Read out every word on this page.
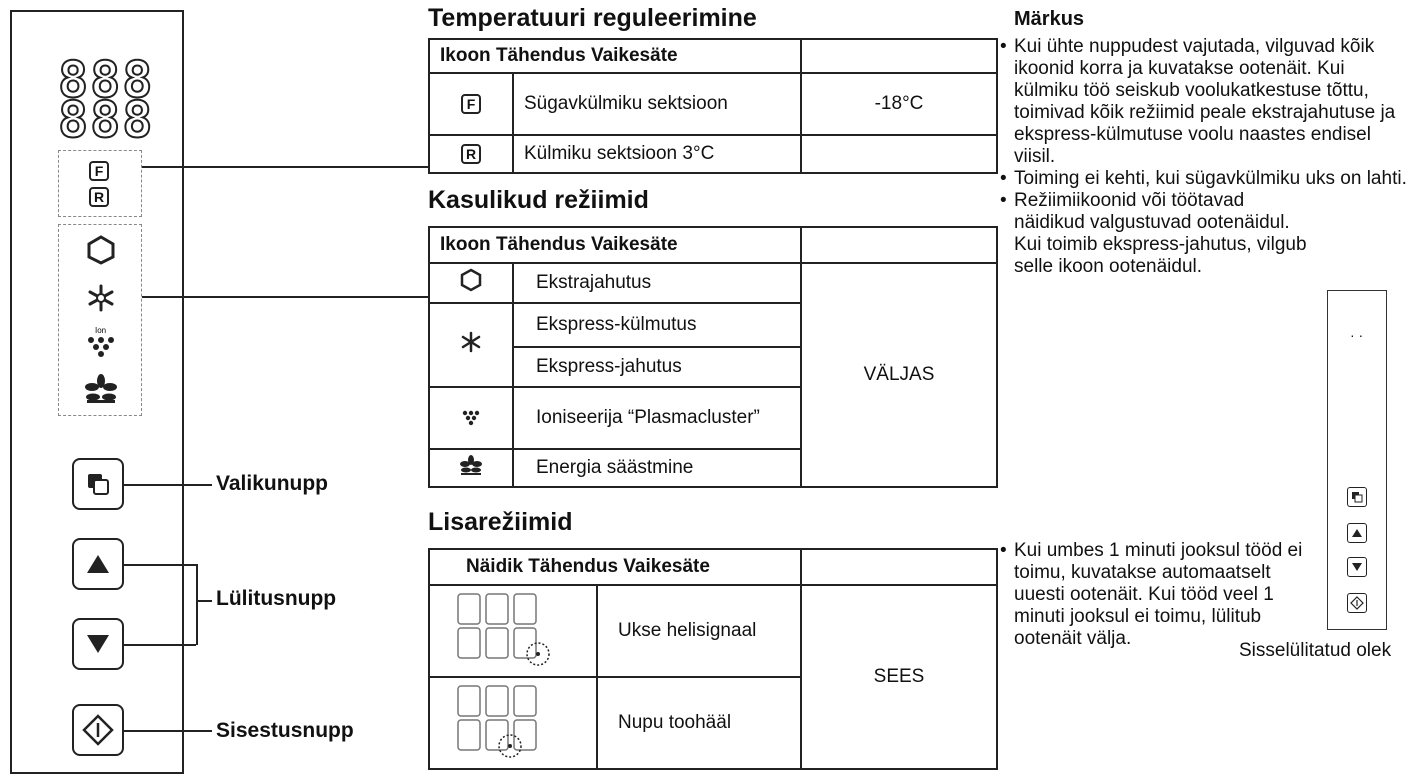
888
888
F
R
Ion
Valikunupp
Lülitusnupp
Sisestusnupp
Temperatuuri reguleerimine
Ikoon Tähendus Vaikesäte		

F	Sügavkülmiku sektsioon	-18°C

R	Külmiku sektsioon 3°C	
Kasulikud režiimid
Ikoon Tähendus Vaikesäte		
	Ekstrajahutus	VÄLJAS
	Ekspress-külmutus	
	Ekspress-jahutus	
	Ioniseerija “Plasmacluster”	
	Energia säästmine	
Lisarežiimid
Näidik Tähendus Vaikesäte		
	Ukse helisignaal	SEES
	Nupu toohääl	
Märkus

• Kui ühte nuppudest vajutada, vilguvad kõik ikoonid korra ja kuvatakse ootenäit. Kui külmiku töö seiskub voolukatkestuse tõttu, toimivad kõik režiimid peale ekstrajahutuse ja ekspress-külmutuse voolu naastes endisel viisil.

• Toiming ei kehti, kui sügavkülmiku uks on lahti.

• Režiimiikoonid või töötavad näidikud valgustuvad ootenäidul. Kui toimib ekspress-jahutus, vilgub selle ikoon ootenäidul.

• Kui umbes 1 minuti jooksul tööd ei toimu, kuvatakse automaatselt uuesti ootenäit. Kui tööd veel 1 minuti jooksul ei toimu, lülitub ootenäit välja.

· ·
Sisselülitatud olek
